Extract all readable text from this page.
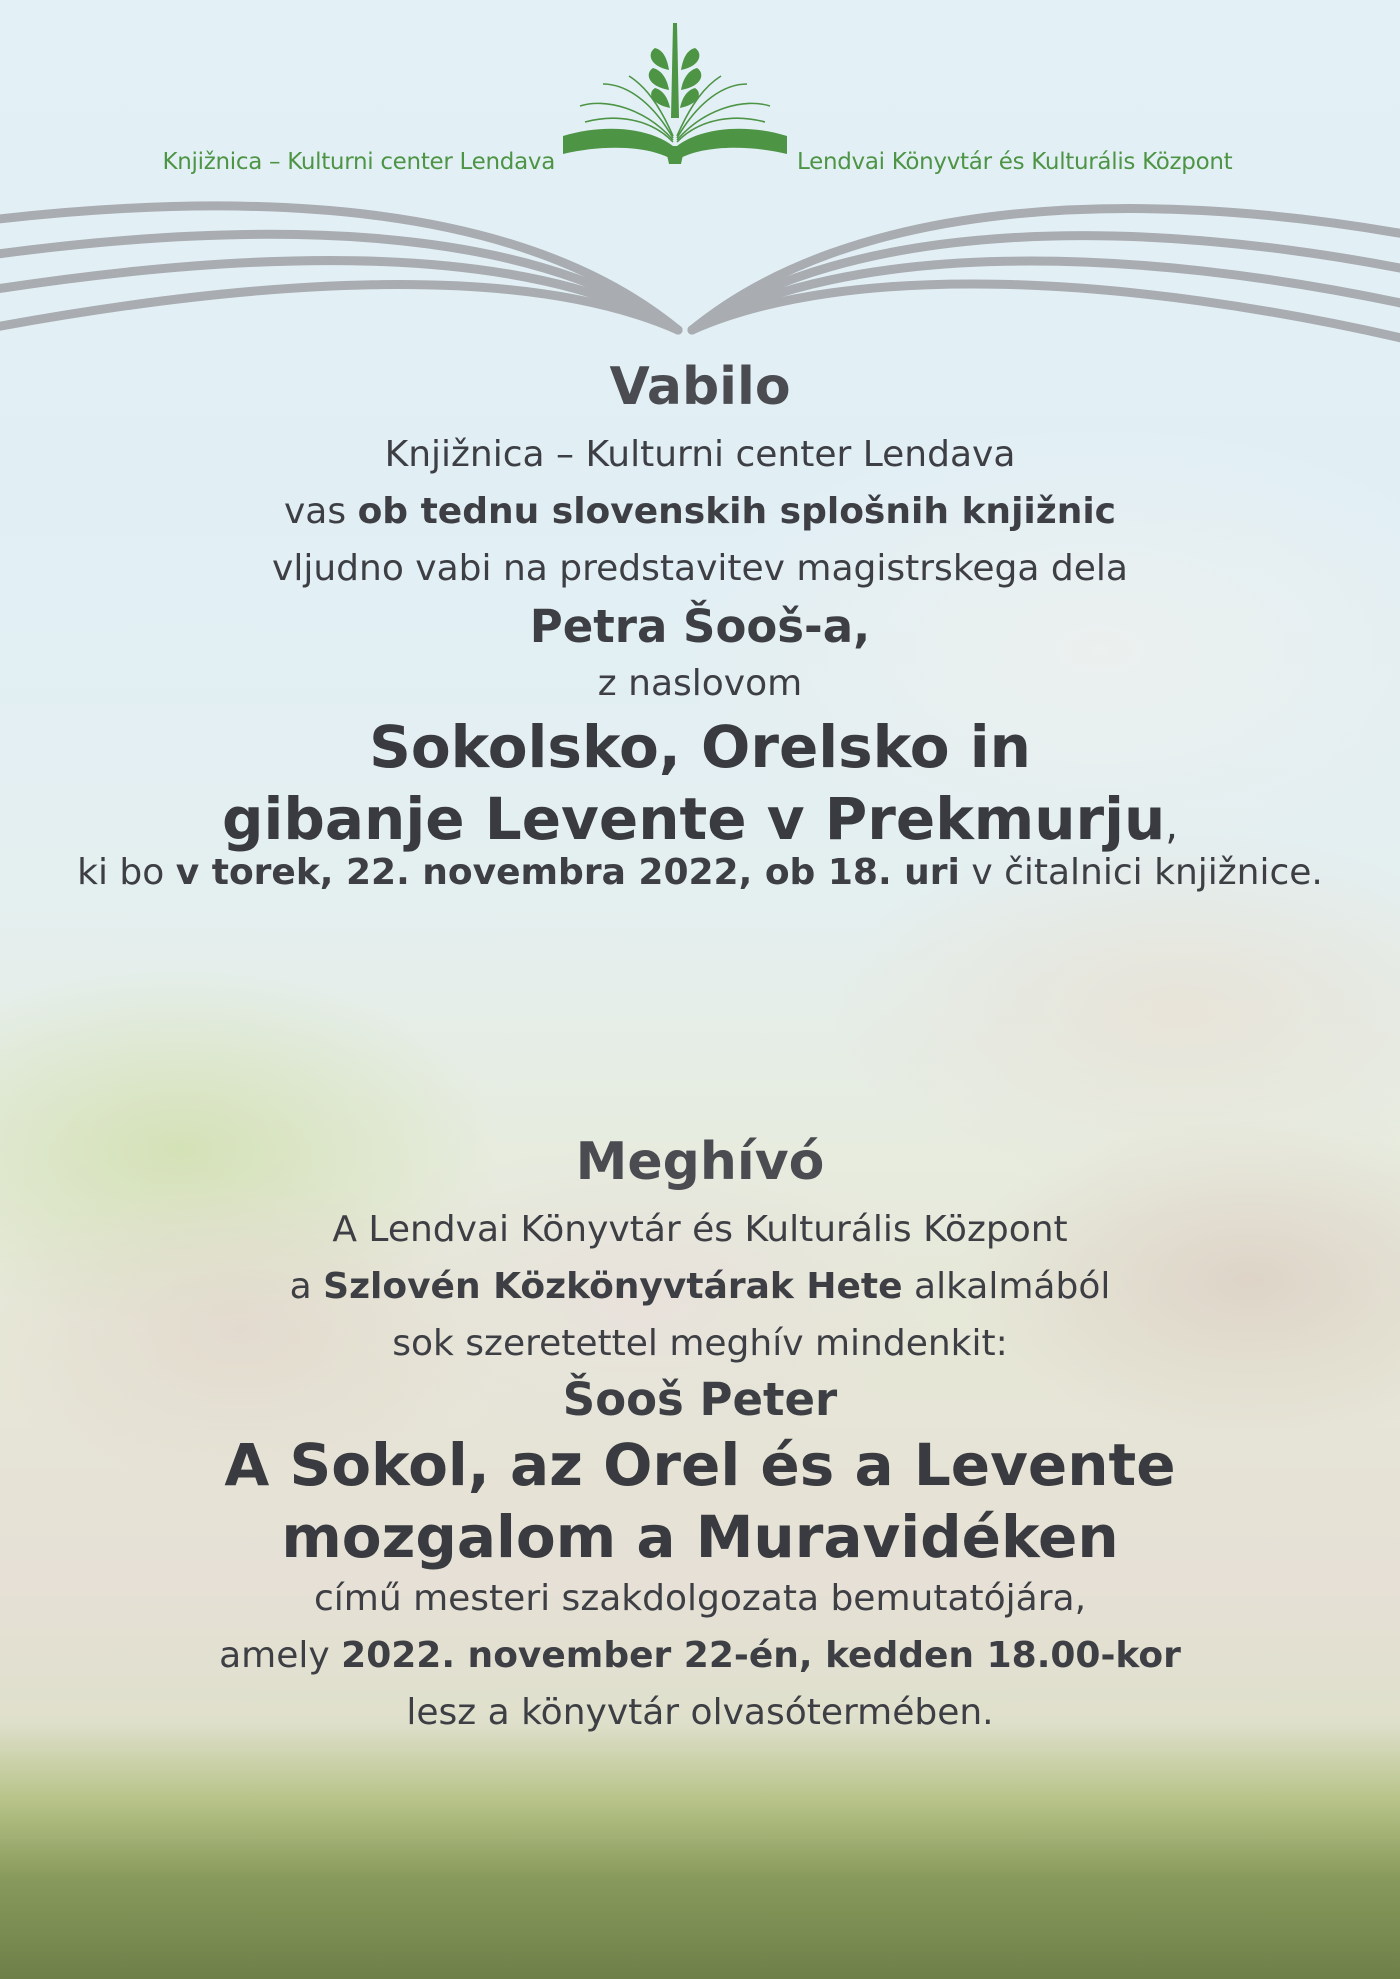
Knjižnica – Kulturni center Lendava	Lendvai Könyvtár és Kulturális Központ
Vabilo
Knjižnica – Kulturni center Lendava
vas ob tednu slovenskih splošnih knjižnic
vljudno vabi na predstavitev magistrskega dela
Petra Šooš-a,
z naslovom
Sokolsko, Orelsko in
gibanje Levente v Prekmurju,
ki bo v torek, 22. novembra 2022, ob 18. uri v čitalnici knjižnice.
Meghívó
A Lendvai Könyvtár és Kulturális Központ
a Szlovén Közkönyvtárak Hete alkalmából
sok szeretettel meghív mindenkit:
Šooš Peter
A Sokol, az Orel és a Levente
mozgalom a Muravidéken
című mesteri szakdolgozata bemutatójára,
amely 2022. november 22-én, kedden 18.00-kor
lesz a könyvtár olvasótermében.
